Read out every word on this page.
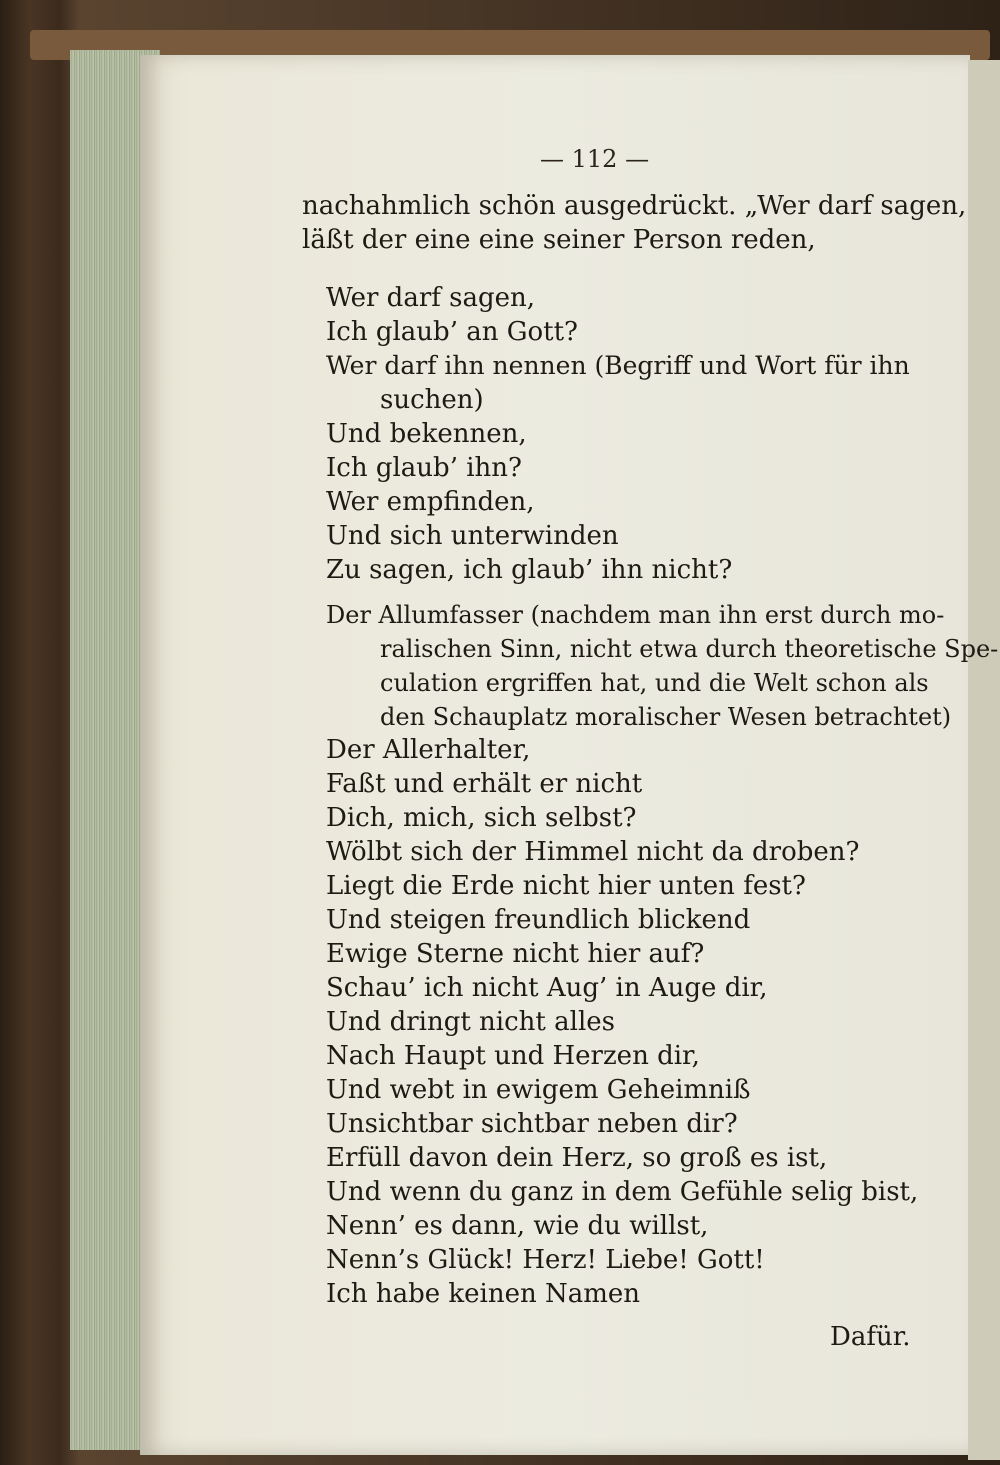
— 112 —

nachahmlich schön ausgedrückt. „Wer darf sagen,

läßt der eine eine seiner Person reden,

Wer darf sagen,

Ich glaub’ an Gott?

Wer darf ihn nennen (Begriff und Wort für ihn

suchen)

Und bekennen,

Ich glaub’ ihn?

Wer empfinden,

Und sich unterwinden

Zu sagen, ich glaub’ ihn nicht?

Der Allumfasser (nachdem man ihn erst durch mo-

ralischen Sinn, nicht etwa durch theoretische Spe-

culation ergriffen hat, und die Welt schon als

den Schauplatz moralischer Wesen betrachtet)

Der Allerhalter,

Faßt und erhält er nicht

Dich, mich, sich selbst?

Wölbt sich der Himmel nicht da droben?

Liegt die Erde nicht hier unten fest?

Und steigen freundlich blickend

Ewige Sterne nicht hier auf?

Schau’ ich nicht Aug’ in Auge dir,

Und dringt nicht alles

Nach Haupt und Herzen dir,

Und webt in ewigem Geheimniß

Unsichtbar sichtbar neben dir?

Erfüll davon dein Herz, so groß es ist,

Und wenn du ganz in dem Gefühle selig bist,

Nenn’ es dann, wie du willst,

Nenn’s Glück! Herz! Liebe! Gott!

Ich habe keinen Namen

Dafür.
